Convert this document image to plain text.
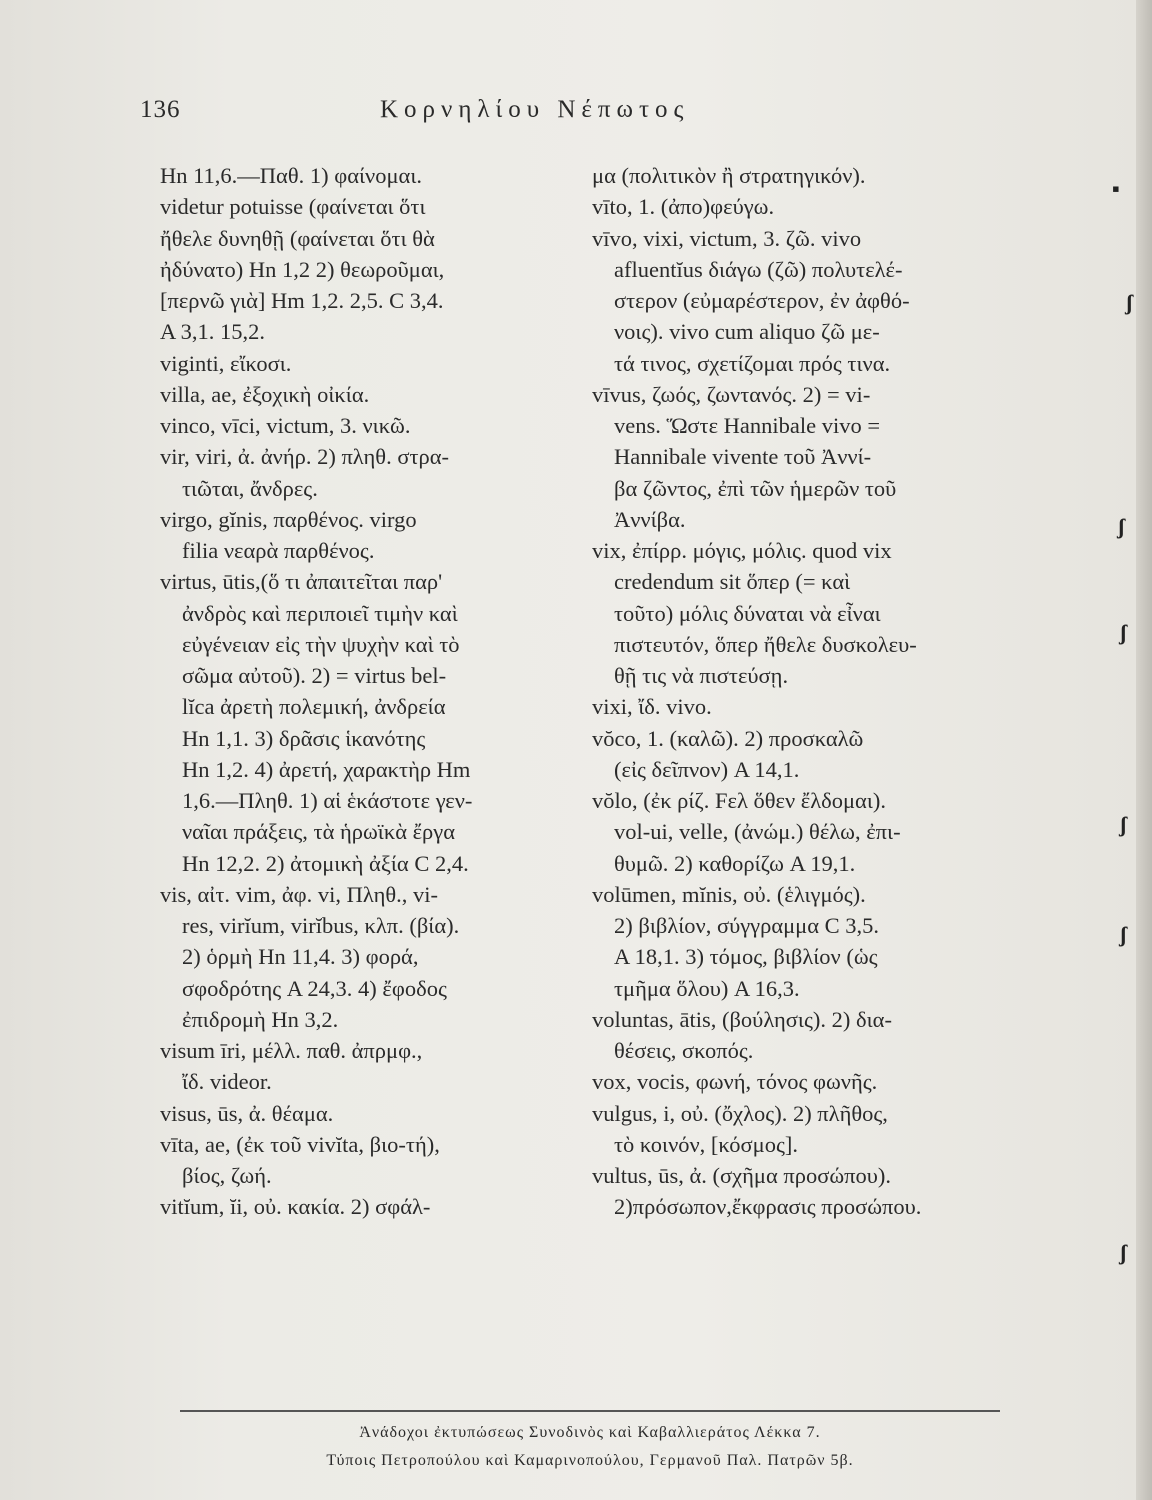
136	Κορνηλίου Νέπωτος
Hn 11,6.—Παθ. 1) φαίνομαι.
videtur potuisse (φαίνεται ὅτι
ἤθελε δυνηθῇ (φαίνεται ὅτι θὰ
ἠδύνατο) Hn 1,2 2) θεωροῦμαι,
[περνῶ γιὰ] Hm 1,2. 2,5. C 3,4.
A 3,1. 15,2.
viginti, εἴκοσι.
villa, ae, ἐξοχικὴ οἰκία.
vinco, vīci, victum, 3. νικῶ.
vir, viri, ἀ. ἀνήρ. 2) πληθ. στρα-
τιῶται, ἄνδρες.
virgo, gĭnis, παρθένος. virgo
filia νεαρὰ παρθένος.
virtus, ūtis,(ὅ τι ἀπαιτεῖται παρ'
ἀνδρὸς καὶ περιποιεῖ τιμὴν καὶ
εὐγένειαν εἰς τὴν ψυχὴν καὶ τὸ
σῶμα αὐτοῦ). 2) = virtus bel-
lĭca ἀρετὴ πολεμική, ἀνδρεία
Hn 1,1. 3) δρᾶσις ἱκανότης
Hn 1,2. 4) ἀρετή, χαρακτὴρ Hm
1,6.—Πληθ. 1) αἱ ἑκάστοτε γεν-
ναῖαι πράξεις, τὰ ἡρωϊκὰ ἔργα
Hn 12,2. 2) ἀτομικὴ ἀξία C 2,4.
vis, αἰτ. vim, ἀφ. vi, Πληθ., vi-
res, virĭum, virĭbus, κλπ. (βία).
2) ὁρμὴ Hn 11,4. 3) φορά,
σφοδρότης A 24,3. 4) ἔφοδος
ἐπιδρομὴ Hn 3,2.
visum īri, μέλλ. παθ. ἀπρμφ.,
ἴδ. videor.
visus, ūs, ἀ. θέαμα.
vīta, ae, (ἐκ τοῦ vivĭta, βιο-τή),
βίος, ζωή.
vitĭum, ĭi, οὐ. κακία. 2) σφάλ-
μα (πολιτικὸν ἢ στρατηγικόν).
vīto, 1. (ἀπο)φεύγω.
vīvo, vixi, victum, 3. ζῶ. vivo
afluentĭus διάγω (ζῶ) πολυτελέ-
στερον (εὐμαρέστερον, ἐν ἀφθό-
νοις). vivo cum aliquo ζῶ με-
τά τινος, σχετίζομαι πρός τινα.
vīvus, ζωός, ζωντανός. 2) = vi-
vens. Ὥστε Hannibale vivo =
Hannibale vivente τοῦ Ἀννί-
βα ζῶντος, ἐπὶ τῶν ἡμερῶν τοῦ
Ἀννίβα.
vix, ἐπίρρ. μόγις, μόλις. quod vix
credendum sit ὅπερ (= καὶ
τοῦτο) μόλις δύναται νὰ εἶναι
πιστευτόν, ὅπερ ἤθελε δυσκολευ-
θῇ τις νὰ πιστεύσῃ.
vixi, ἴδ. vivo.
vŏco, 1. (καλῶ). 2) προσκαλῶ
(εἰς δεῖπνον) A 14,1.
vŏlo, (ἐκ ρίζ. Fελ ὅθεν ἔλδομαι).
vol-ui, velle, (ἀνώμ.) θέλω, ἐπι-
θυμῶ. 2) καθορίζω A 19,1.
volūmen, mĭnis, οὐ. (ἑλιγμός).
2) βιβλίον, σύγγραμμα C 3,5.
A 18,1. 3) τόμος, βιβλίον (ὡς
τμῆμα ὅλου) A 16,3.
voluntas, ātis, (βούλησις). 2) δια-
θέσεις, σκοπός.
vox, vocis, φωνή, τόνος φωνῆς.
vulgus, i, οὐ. (ὄχλος). 2) πλῆθος,
τὸ κοινόν, [κόσμος].
vultus, ūs, ἀ. (σχῆμα προσώπου).
2)πρόσωπον,ἔκφρασις προσώπου.
▪
ʃ
ʃ
ʃ
ʃ
ʃ
ʃ
Ἀνάδοχοι ἐκτυπώσεως Συνοδινὸς καὶ Καβαλλιεράτος Λέκκα 7.
Τύποις Πετροπούλου καὶ Καμαρινοπούλου, Γερμανοῦ Παλ. Πατρῶν 5β.
